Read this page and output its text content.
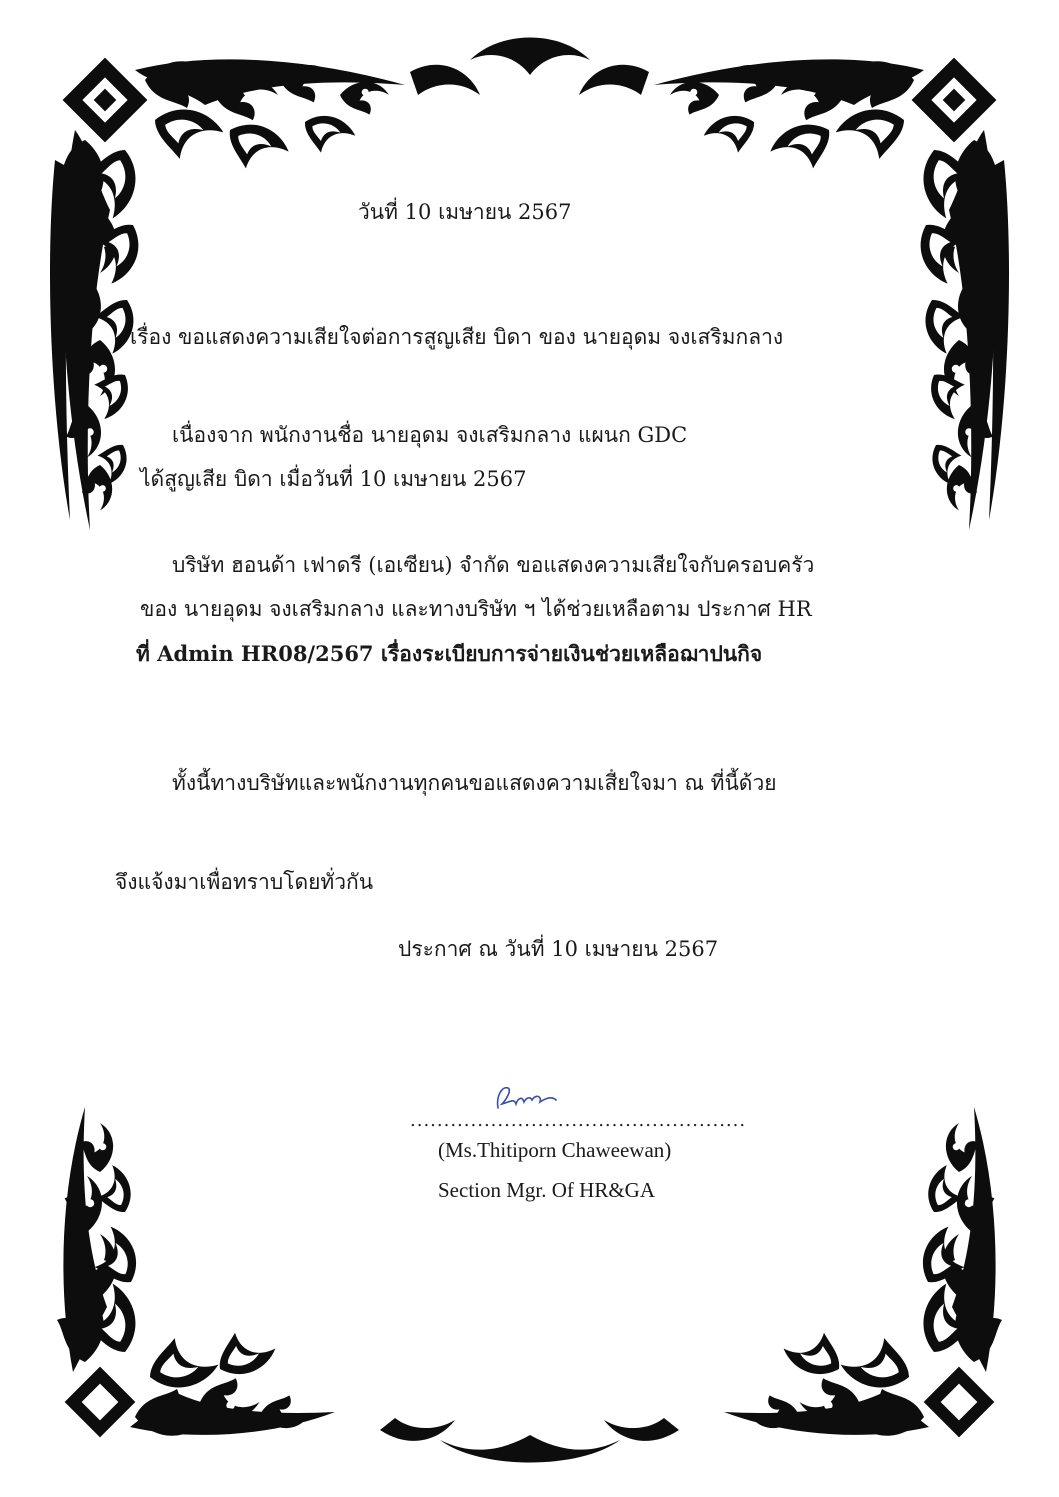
วันที่ 10 เมษายน 2567
เรื่อง ขอแสดงความเสียใจต่อการสูญเสีย บิดา ของ นายอุดม จงเสริมกลาง
เนื่องจาก พนักงานชื่อ นายอุดม จงเสริมกลาง แผนก GDC
ได้สูญเสีย บิดา เมื่อวันที่ 10 เมษายน 2567
บริษัท ฮอนด้า เฟาดรี (เอเซียน) จำกัด ขอแสดงความเสียใจกับครอบครัว
ของ นายอุดม จงเสริมกลาง และทางบริษัท ฯ ได้ช่วยเหลือตาม ประกาศ HR
ที่ Admin HR08/2567 เรื่องระเบียบการจ่ายเงินช่วยเหลือฌาปนกิจ
ทั้งนี้ทางบริษัทและพนักงานทุกคนขอแสดงความเสียใจมา ณ ที่นี้ด้วย
จึงแจ้งมาเพื่อทราบโดยทั่วกัน
ประกาศ ณ วันที่ 10 เมษายน 2567
..................................................
(Ms.Thitiporn Chaweewan)
Section Mgr. Of HR&GA
